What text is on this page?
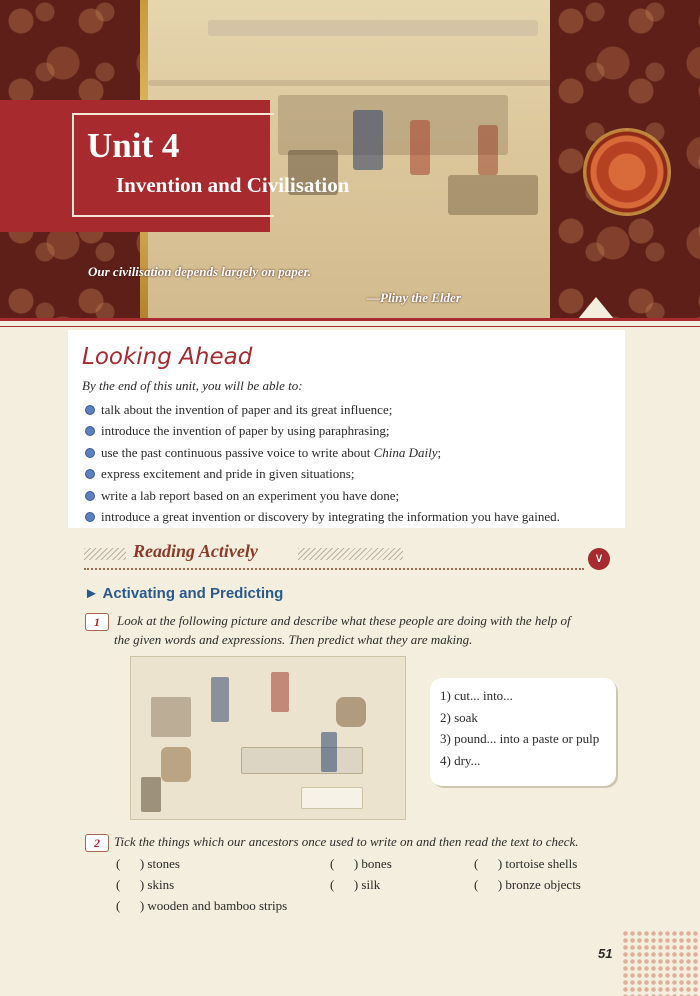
Unit 4
Invention and Civilisation
Our civilisation depends largely on paper.
—Pliny the Elder
Looking Ahead
By the end of this unit, you will be able to:
talk about the invention of paper and its great influence;
introduce the invention of paper by using paraphrasing;
use the past continuous passive voice to write about China Daily ;
express excitement and pride in given situations;
write a lab report based on an experiment you have done;
introduce a great invention or discovery by integrating the information you have gained.
Reading Actively	∨
► Activating and Predicting
1	Look at the following picture and describe what these people are doing with the help of
the given words and expressions. Then predict what they are making.
1) cut... into...
2) soak
3) pound... into a paste or pulp
4) dry...
2	Tick the things which our ancestors once used to write on and then read the text to check.
(      ) stones	(      ) bones	(      ) tortoise shells
(      ) skins	(      ) silk	(      ) bronze objects
(      ) wooden and bamboo strips
51
